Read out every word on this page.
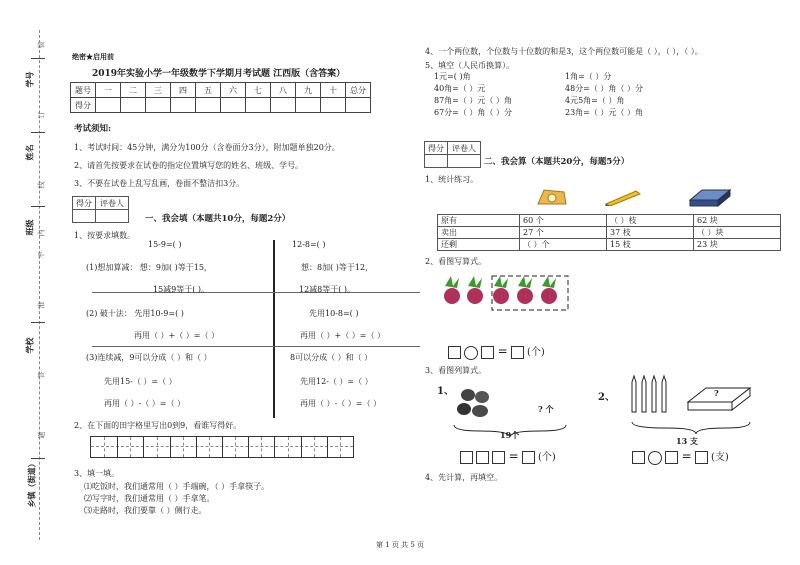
学号
姓名
班级
学校
乡镇（街道）
装
订
线
内
不
准
答
题
绝密★启用前
2019年实验小学一年级数学下学期月考试题 江西版（含答案）
题号	一	二	三	四	五	六	七	八	九	十	总分
得分											
考试须知:
1、考试时间：45分钟，满分为100分（含卷面分3分），附加题单独20分。
2、请首先按要求在试卷的指定位置填写您的姓名、班级、学号。
3、不要在试卷上乱写乱画，卷面不整洁扣3分。
得分	评卷人

一、我会填（本题共10分，每题2分）
1、按要求填数。
15-9=( )
(1)想加算减： 想：9加( )等于15，
15减9等于( )。
(2) 破十法： 先用10-9=( )
再用（ ）+（ ）=（ ）
(3)连续减，9可以分成（ ）和（ ）
先用15-（ ）=（ ）
再用（ ）-（ ）=（ ）
12-8=( )
想：8加( )等于12，
12减8等于( )。
先用10-8=( )
再用（ ）+（ ）=（ ）
8可以分成（ ）和（ ）
先用12-（ ）=（ ）
再用（ ）-（ ）=（ ）
2、在下面的田字格里写出0到9，看谁写得好。
3、填一填。
⑴吃饭时，我们通常用（ ）手端碗，（ ）手拿筷子。
⑵写字时，我们通常用（ ）手拿笔。
⑶走路时，我们要靠（ ）侧行走。
4、一个两位数，个位数与十位数的和是3，这个两位数可能是（ ），（ ），（ ）。
5、填空（人民币换算）。
1元=( )角	1角=（ ）分
40角=（ ）元	48分=（ ）角（ ）分
87角=（ ）元（ ）角	4元5角=（ ）角
67分=（ ）角（ ）分	23角=（ ）元（ ）角
得分	评卷人

二、我会算（本题共20分，每题5分）
1、统计练习。
原有	60 个	（ ）枝	62 块
卖出	27 个	37 枝	（ ）块
还剩	（ ）个	15 枝	23 块
2、看图写算式。
= (个)
3、看图列算式。
1、
? 个
19个
= (个)
2、	?
13 支
= (支)
4、先计算，再填空。
第 1 页 共 5 页
